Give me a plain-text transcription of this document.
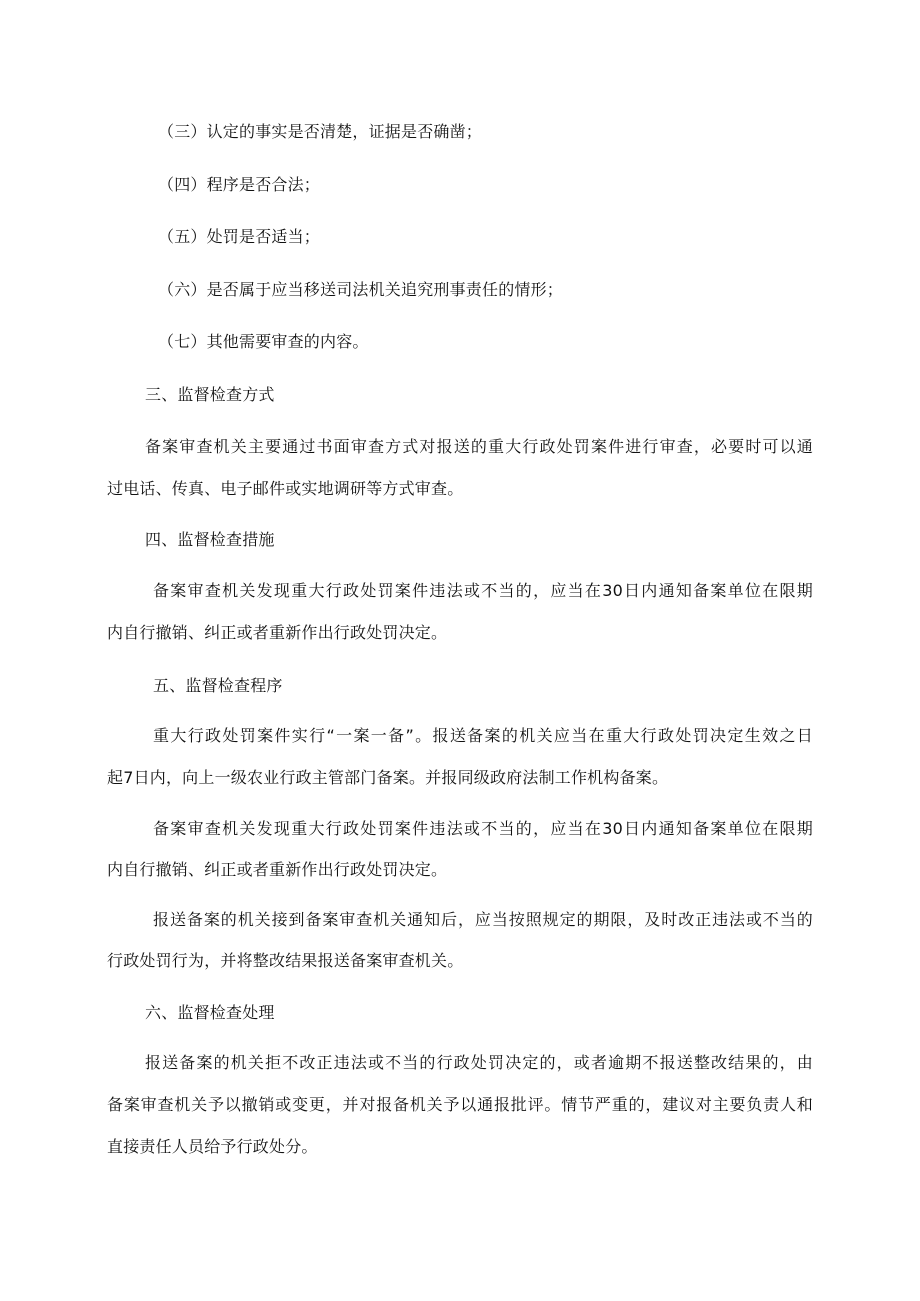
（三）认定的事实是否清楚，证据是否确凿；
（四）程序是否合法；
（五）处罚是否适当；
（六）是否属于应当移送司法机关追究刑事责任的情形；
（七）其他需要审查的内容。
三、监督检查方式
备案审查机关主要通过书面审查方式对报送的重大行政处罚案件进行审查，必要时可以通
过电话、传真、电子邮件或实地调研等方式审查。
四、监督检查措施
备案审查机关发现重大行政处罚案件违法或不当的，应当在30日内通知备案单位在限期
内自行撤销、纠正或者重新作出行政处罚决定。
五、监督检查程序
重大行政处罚案件实行“一案一备”。报送备案的机关应当在重大行政处罚决定生效之日
起7日内，向上一级农业行政主管部门备案。并报同级政府法制工作机构备案。
备案审查机关发现重大行政处罚案件违法或不当的，应当在30日内通知备案单位在限期
内自行撤销、纠正或者重新作出行政处罚决定。
报送备案的机关接到备案审查机关通知后，应当按照规定的期限，及时改正违法或不当的
行政处罚行为，并将整改结果报送备案审查机关。
六、监督检查处理
报送备案的机关拒不改正违法或不当的行政处罚决定的，或者逾期不报送整改结果的，由
备案审查机关予以撤销或变更，并对报备机关予以通报批评。情节严重的，建议对主要负责人和
直接责任人员给予行政处分。
